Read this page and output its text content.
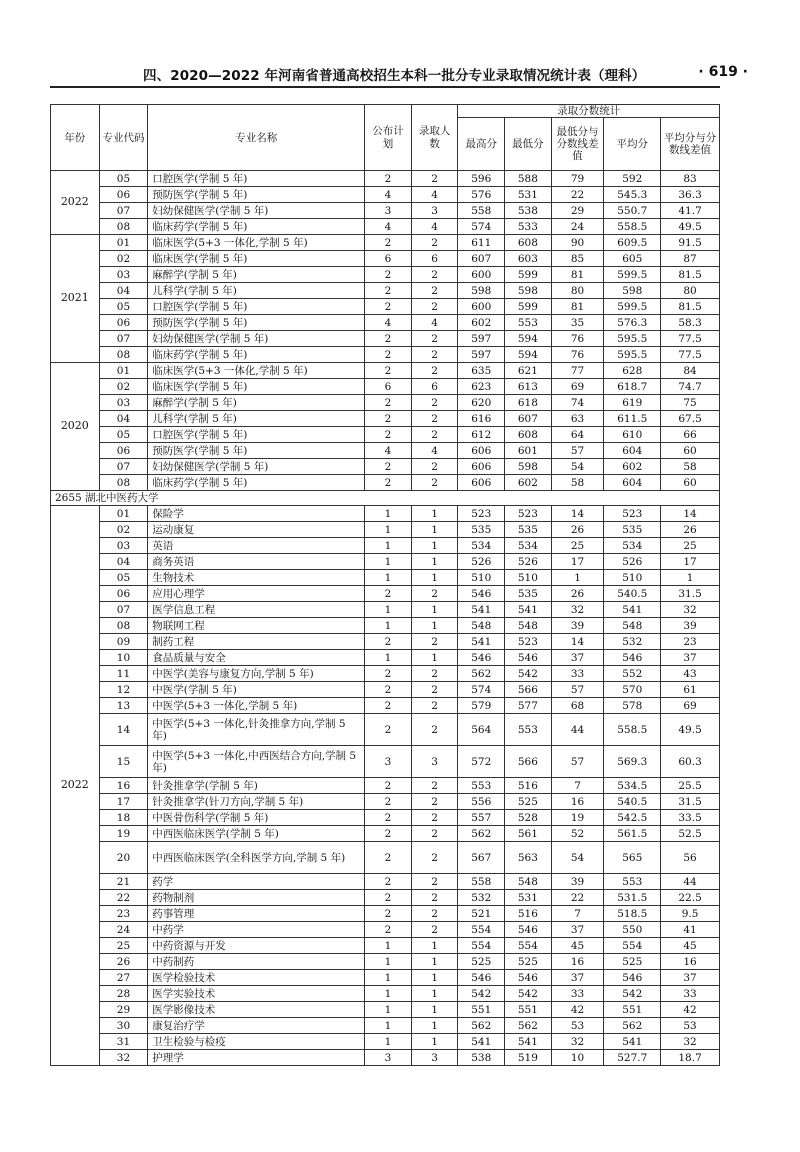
四、2020—2022 年河南省普通高校招生本科一批分专业录取情况统计表（理科）	· 619 ·
年份	专业代码	专业名称	公布计划	录取人数	录取分数统计				
					最高分	最低分	最低分与分数线差值	平均分	平均分与分数线差值
2022	05	口腔医学(学制 5 年)	2	2	596	588	79	592	83
	06	预防医学(学制 5 年)	4	4	576	531	22	545.3	36.3
	07	妇幼保健医学(学制 5 年)	3	3	558	538	29	550.7	41.7
	08	临床药学(学制 5 年)	4	4	574	533	24	558.5	49.5
2021	01	临床医学(5+3 一体化,学制 5 年)	2	2	611	608	90	609.5	91.5
	02	临床医学(学制 5 年)	6	6	607	603	85	605	87
	03	麻醉学(学制 5 年)	2	2	600	599	81	599.5	81.5
	04	儿科学(学制 5 年)	2	2	598	598	80	598	80
	05	口腔医学(学制 5 年)	2	2	600	599	81	599.5	81.5
	06	预防医学(学制 5 年)	4	4	602	553	35	576.3	58.3
	07	妇幼保健医学(学制 5 年)	2	2	597	594	76	595.5	77.5
	08	临床药学(学制 5 年)	2	2	597	594	76	595.5	77.5
2020	01	临床医学(5+3 一体化,学制 5 年)	2	2	635	621	77	628	84
	02	临床医学(学制 5 年)	6	6	623	613	69	618.7	74.7
	03	麻醉学(学制 5 年)	2	2	620	618	74	619	75
	04	儿科学(学制 5 年)	2	2	616	607	63	611.5	67.5
	05	口腔医学(学制 5 年)	2	2	612	608	64	610	66
	06	预防医学(学制 5 年)	4	4	606	601	57	604	60
	07	妇幼保健医学(学制 5 年)	2	2	606	598	54	602	58
	08	临床药学(学制 5 年)	2	2	606	602	58	604	60
2655 湖北中医药大学									
2022	01	保险学	1	1	523	523	14	523	14
	02	运动康复	1	1	535	535	26	535	26
	03	英语	1	1	534	534	25	534	25
	04	商务英语	1	1	526	526	17	526	17
	05	生物技术	1	1	510	510	1	510	1
	06	应用心理学	2	2	546	535	26	540.5	31.5
	07	医学信息工程	1	1	541	541	32	541	32
	08	物联网工程	1	1	548	548	39	548	39
	09	制药工程	2	2	541	523	14	532	23
	10	食品质量与安全	1	1	546	546	37	546	37
	11	中医学(美容与康复方向,学制 5 年)	2	2	562	542	33	552	43
	12	中医学(学制 5 年)	2	2	574	566	57	570	61
	13	中医学(5+3 一体化,学制 5 年)	2	2	579	577	68	578	69
	14	中医学(5+3 一体化,针灸推拿方向,学制 5 年)	2	2	564	553	44	558.5	49.5
	15	中医学(5+3 一体化,中西医结合方向,学制 5 年)	3	3	572	566	57	569.3	60.3
	16	针灸推拿学(学制 5 年)	2	2	553	516	7	534.5	25.5
	17	针灸推拿学(针刀方向,学制 5 年)	2	2	556	525	16	540.5	31.5
	18	中医骨伤科学(学制 5 年)	2	2	557	528	19	542.5	33.5
	19	中西医临床医学(学制 5 年)	2	2	562	561	52	561.5	52.5
	20	中西医临床医学(全科医学方向,学制 5 年)	2	2	567	563	54	565	56
	21	药学	2	2	558	548	39	553	44
	22	药物制剂	2	2	532	531	22	531.5	22.5
	23	药事管理	2	2	521	516	7	518.5	9.5
	24	中药学	2	2	554	546	37	550	41
	25	中药资源与开发	1	1	554	554	45	554	45
	26	中药制药	1	1	525	525	16	525	16
	27	医学检验技术	1	1	546	546	37	546	37
	28	医学实验技术	1	1	542	542	33	542	33
	29	医学影像技术	1	1	551	551	42	551	42
	30	康复治疗学	1	1	562	562	53	562	53
	31	卫生检验与检疫	1	1	541	541	32	541	32
	32	护理学	3	3	538	519	10	527.7	18.7
